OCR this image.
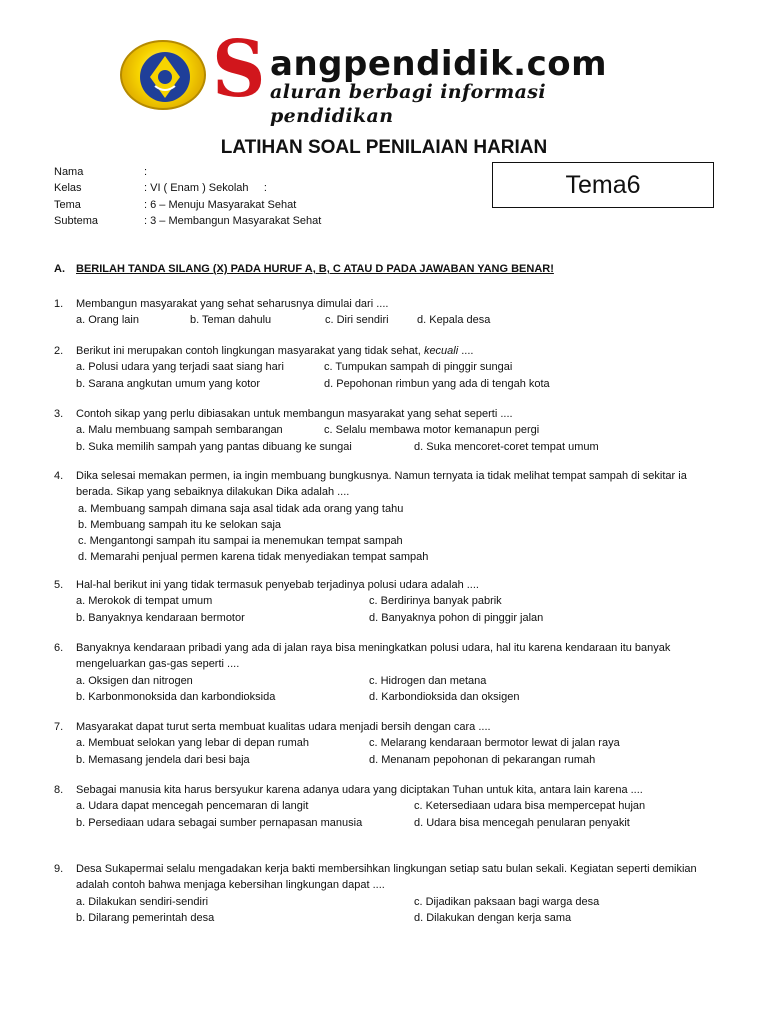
S angpendidik.com
aluran berbagi informasi pendidikan
LATIHAN SOAL PENILAIAN HARIAN
Nama	:
Kelas	: VI ( Enam ) Sekolah     :
Tema	: 6 – Menuju Masyarakat Sehat
Subtema	: 3 – Membangun Masyarakat Sehat
Tema6
A.	BERILAH TANDA SILANG (X) PADA HURUF A, B, C ATAU D PADA JAWABAN YANG BENAR!
1.	Membangun masyarakat yang sehat seharusnya dimulai dari ....
a. Orang lain	b. Teman dahulu	c. Diri sendiri	d. Kepala desa
2.	Berikut ini merupakan contoh lingkungan masyarakat yang tidak sehat, kecuali ....
a. Polusi udara yang terjadi saat siang hari	c. Tumpukan sampah di pinggir sungai
b. Sarana angkutan umum yang kotor	d. Pepohonan rimbun yang ada di tengah kota
3.	Contoh sikap yang perlu dibiasakan untuk membangun masyarakat yang sehat seperti ....
a. Malu membuang sampah sembarangan	c. Selalu membawa motor kemanapun pergi
b. Suka memilih sampah yang pantas dibuang ke sungai	d. Suka mencoret-coret tempat umum
4.	Dika selesai memakan permen, ia ingin membuang bungkusnya. Namun ternyata ia tidak melihat tempat sampah di sekitar ia berada. Sikap yang sebaiknya dilakukan Dika adalah ....
a. Membuang sampah dimana saja asal tidak ada orang yang tahu
b. Membuang sampah itu ke selokan saja
c. Mengantongi sampah itu sampai ia menemukan tempat sampah
d. Memarahi penjual permen karena tidak menyediakan tempat sampah
5.	Hal-hal berikut ini yang tidak termasuk penyebab terjadinya polusi udara adalah ....
a. Merokok di tempat umum	c. Berdirinya banyak pabrik
b. Banyaknya kendaraan bermotor	d. Banyaknya pohon di pinggir jalan
6.	Banyaknya kendaraan pribadi yang ada di jalan raya bisa meningkatkan polusi udara, hal itu karena kendaraan itu banyak mengeluarkan gas-gas seperti ....
a. Oksigen dan nitrogen	c. Hidrogen dan metana
b. Karbonmonoksida dan karbondioksida	d. Karbondioksida dan oksigen
7.	Masyarakat dapat turut serta membuat kualitas udara menjadi bersih dengan cara ....
a. Membuat selokan yang lebar di depan rumah	c. Melarang kendaraan bermotor lewat di jalan raya
b. Memasang jendela dari besi baja	d. Menanam pepohonan di pekarangan rumah
8.	Sebagai manusia kita harus bersyukur karena adanya udara yang diciptakan Tuhan untuk kita, antara lain karena ....
a. Udara dapat mencegah pencemaran di langit	c. Ketersediaan udara bisa mempercepat hujan
b. Persediaan udara sebagai sumber pernapasan manusia	d. Udara bisa mencegah penularan penyakit
9.	Desa Sukapermai selalu mengadakan kerja bakti membersihkan lingkungan setiap satu bulan sekali. Kegiatan seperti demikian adalah contoh bahwa menjaga kebersihan lingkungan dapat ....
a. Dilakukan sendiri-sendiri	c. Dijadikan paksaan bagi warga desa
b. Dilarang pemerintah desa	d. Dilakukan dengan kerja sama
